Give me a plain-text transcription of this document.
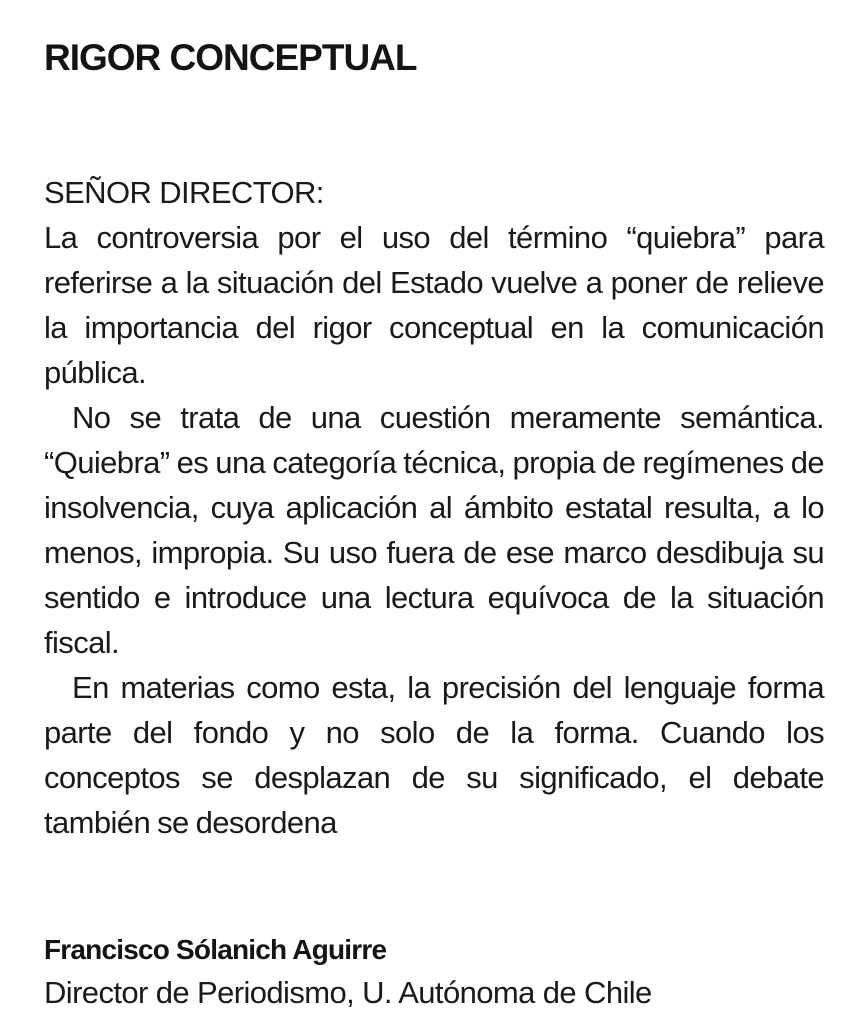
RIGOR CONCEPTUAL
SEÑOR DIRECTOR:

La controversia por el uso del término “quiebra” para referirse a la situación del Estado vuelve a poner de relieve la importancia del rigor conceptual en la comunicación pública.

No se trata de una cuestión meramente semántica. “Quiebra” es una categoría técnica, propia de regímenes de insolvencia, cuya aplicación al ámbito estatal resulta, a lo menos, impropia. Su uso fuera de ese marco desdibuja su sentido e introduce una lectura equívoca de la situación fiscal.

En materias como esta, la precisión del lenguaje forma parte del fondo y no solo de la forma. Cuando los conceptos se desplazan de su significado, el debate también se desordena

Francisco Sólanich Aguirre
Director de Periodismo, U. Autónoma de Chile
